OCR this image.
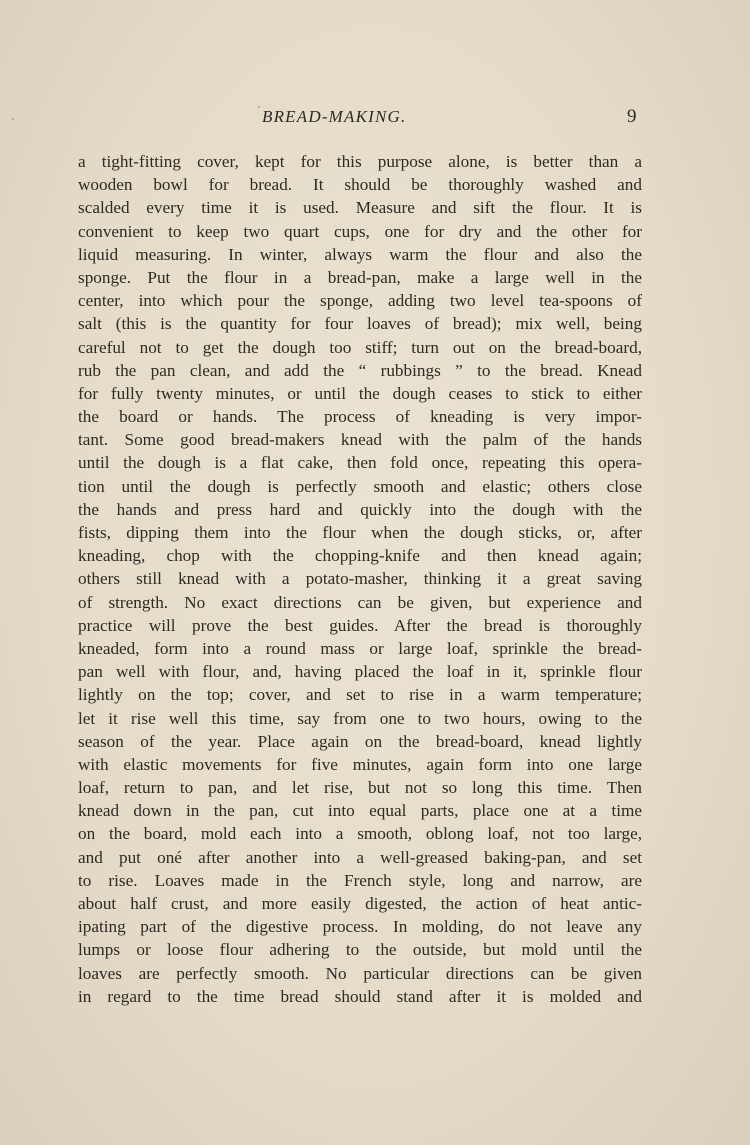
BREAD-MAKING.	9
a tight-fitting cover, kept for this purpose alone, is better than a
wooden bowl for bread. It should be thoroughly washed and
scalded every time it is used. Measure and sift the flour. It is
convenient to keep two quart cups, one for dry and the other for
liquid measuring. In winter, always warm the flour and also the
sponge. Put the flour in a bread-pan, make a large well in the
center, into which pour the sponge, adding two level tea-spoons of
salt (this is the quantity for four loaves of bread); mix well, being
careful not to get the dough too stiff; turn out on the bread-board,
rub the pan clean, and add the “ rubbings ” to the bread. Knead
for fully twenty minutes, or until the dough ceases to stick to either
the board or hands. The process of kneading is very impor-
tant. Some good bread-makers knead with the palm of the hands
until the dough is a flat cake, then fold once, repeating this opera-
tion until the dough is perfectly smooth and elastic; others close
the hands and press hard and quickly into the dough with the
fists, dipping them into the flour when the dough sticks, or, after
kneading, chop with the chopping-knife and then knead again;
others still knead with a potato-masher, thinking it a great saving
of strength. No exact directions can be given, but experience and
practice will prove the best guides. After the bread is thoroughly
kneaded, form into a round mass or large loaf, sprinkle the bread-
pan well with flour, and, having placed the loaf in it, sprinkle flour
lightly on the top; cover, and set to rise in a warm temperature;
let it rise well this time, say from one to two hours, owing to the
season of the year. Place again on the bread-board, knead lightly
with elastic movements for five minutes, again form into one large
loaf, return to pan, and let rise, but not so long this time. Then
knead down in the pan, cut into equal parts, place one at a time
on the board, mold each into a smooth, oblong loaf, not too large,
and put oné after another into a well-greased baking-pan, and set
to rise. Loaves made in the French style, long and narrow, are
about half crust, and more easily digested, the action of heat antic-
ipating part of the digestive process. In molding, do not leave any
lumps or loose flour adhering to the outside, but mold until the
loaves are perfectly smooth. No particular directions can be given
in regard to the time bread should stand after it is molded and
